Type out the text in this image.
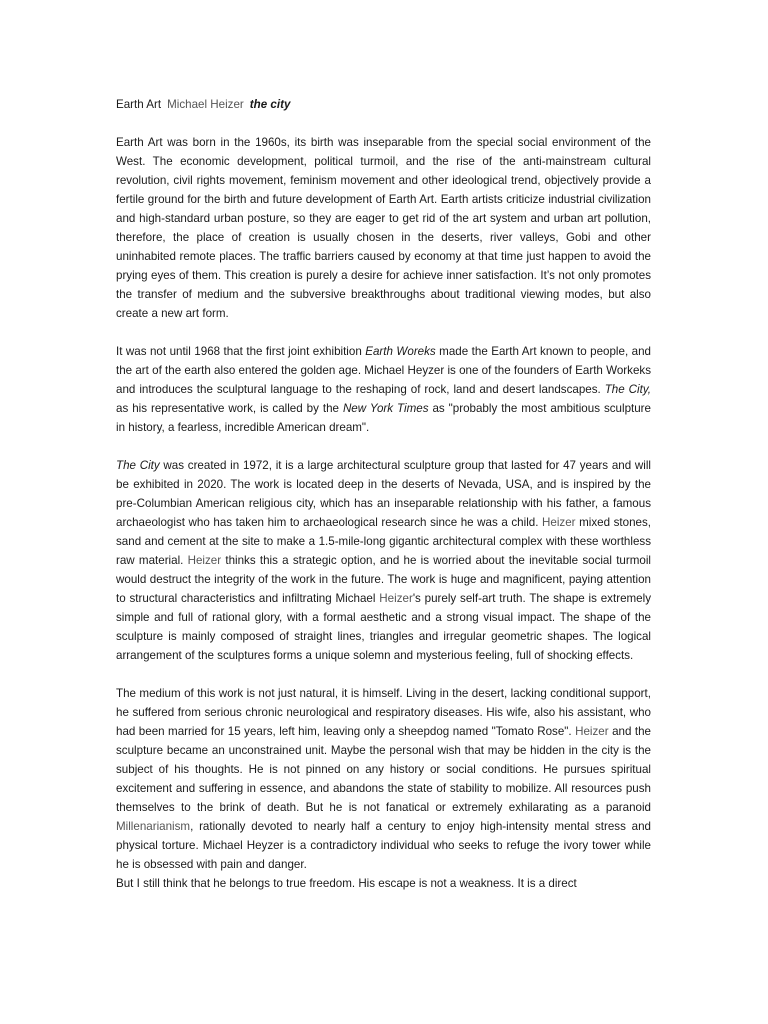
Earth Art Michael Heizer the city

Earth Art was born in the 1960s, its birth was inseparable from the special social environment of the West. The economic development, political turmoil, and the rise of the anti-mainstream cultural revolution, civil rights movement, feminism movement and other ideological trend, objectively provide a fertile ground for the birth and future development of Earth Art. Earth artists criticize industrial civilization and high-standard urban posture, so they are eager to get rid of the art system and urban art pollution, therefore, the place of creation is usually chosen in the deserts, river valleys, Gobi and other uninhabited remote places. The traffic barriers caused by economy at that time just happen to avoid the prying eyes of them. This creation is purely a desire for achieve inner satisfaction. It’s not only promotes the transfer of medium and the subversive breakthroughs about traditional viewing modes, but also create a new art form.

It was not until 1968 that the first joint exhibition Earth Woreks made the Earth Art known to people, and the art of the earth also entered the golden age. Michael Heyzer is one of the founders of Earth Workeks and introduces the sculptural language to the reshaping of rock, land and desert landscapes. The City, as his representative work, is called by the New York Times as "probably the most ambitious sculpture in history, a fearless, incredible American dream".

The City was created in 1972, it is a large architectural sculpture group that lasted for 47 years and will be exhibited in 2020. The work is located deep in the deserts of Nevada, USA, and is inspired by the pre-Columbian American religious city, which has an inseparable relationship with his father, a famous archaeologist who has taken him to archaeological research since he was a child. Heizer mixed stones, sand and cement at the site to make a 1.5-mile-long gigantic architectural complex with these worthless raw material. Heizer thinks this a strategic option, and he is worried about the inevitable social turmoil would destruct the integrity of the work in the future. The work is huge and magnificent, paying attention to structural characteristics and infiltrating Michael Heizer's purely self-art truth. The shape is extremely simple and full of rational glory, with a formal aesthetic and a strong visual impact. The shape of the sculpture is mainly composed of straight lines, triangles and irregular geometric shapes. The logical arrangement of the sculptures forms a unique solemn and mysterious feeling, full of shocking effects.

The medium of this work is not just natural, it is himself. Living in the desert, lacking conditional support, he suffered from serious chronic neurological and respiratory diseases. His wife, also his assistant, who had been married for 15 years, left him, leaving only a sheepdog named "Tomato Rose". Heizer and the sculpture became an unconstrained unit. Maybe the personal wish that may be hidden in the city is the subject of his thoughts. He is not pinned on any history or social conditions. He pursues spiritual excitement and suffering in essence, and abandons the state of stability to mobilize. All resources push themselves to the brink of death. But he is not fanatical or extremely exhilarating as a paranoid Millenarianism, rationally devoted to nearly half a century to enjoy high-intensity mental stress and physical torture. Michael Heyzer is a contradictory individual who seeks to refuge the ivory tower while he is obsessed with pain and danger.

But I still think that he belongs to true freedom. His escape is not a weakness. It is a direct
